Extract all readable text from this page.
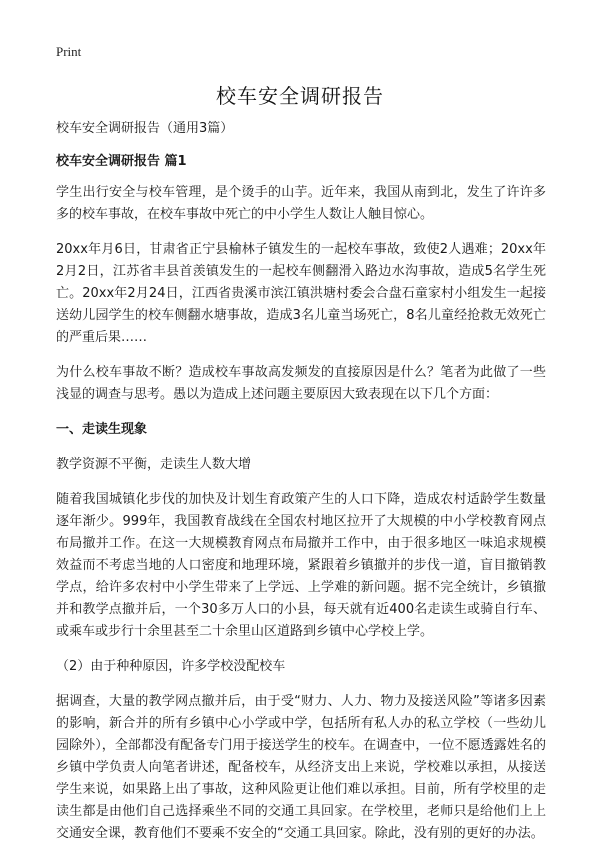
Print
校车安全调研报告

校车安全调研报告（通用3篇）

校车安全调研报告 篇1

学生出行安全与校车管理，是个烫手的山芋。近年来，我国从南到北，发生了许许多多的校车事故，在校车事故中死亡的中小学生人数让人触目惊心。

20xx年月6日，甘肃省正宁县榆林子镇发生的一起校车事故，致使2人遇难；20xx年2月2日，江苏省丰县首羡镇发生的一起校车侧翻滑入路边水沟事故，造成5名学生死亡。20xx年2月24日，江西省贵溪市滨江镇洪塘村委会合盘石童家村小组发生一起接送幼儿园学生的校车侧翻水塘事故，造成3名儿童当场死亡，8名儿童经抢救无效死亡的严重后果……

为什么校车事故不断？造成校车事故高发频发的直接原因是什么？笔者为此做了一些浅显的调查与思考。愚以为造成上述问题主要原因大致表现在以下几个方面：

一、走读生现象

教学资源不平衡，走读生人数大增

随着我国城镇化步伐的加快及计划生育政策产生的人口下降，造成农村适龄学生数量逐年渐少。999年，我国教育战线在全国农村地区拉开了大规模的中小学校教育网点布局撤并工作。在这一大规模教育网点布局撤并工作中，由于很多地区一味追求规模效益而不考虑当地的人口密度和地理环境，紧跟着乡镇撤并的步伐一道，盲目撤销教学点，给许多农村中小学生带来了上学远、上学难的新问题。据不完全统计，乡镇撤并和教学点撤并后，一个30多万人口的小县，每天就有近400名走读生或骑自行车、或乘车或步行十余里甚至二十余里山区道路到乡镇中心学校上学。

（2）由于种种原因，许多学校没配校车

据调查，大量的教学网点撤并后，由于受“财力、人力、物力及接送风险”等诸多因素的影响，新合并的所有乡镇中心小学或中学，包括所有私人办的私立学校（一些幼儿园除外），全部都没有配备专门用于接送学生的校车。在调查中，一位不愿透露姓名的乡镇中学负责人向笔者讲述，配备校车，从经济支出上来说，学校难以承担，从接送学生来说，如果路上出了事故，这种风险更让他们难以承担。目前，所有学校里的走读生都是由他们自己选择乘坐不同的交通工具回家。在学校里，老师只是给他们上上交通安全课，教育他们不要乘不安全的“交通工具回家。除此，没有别的更好的办法。
